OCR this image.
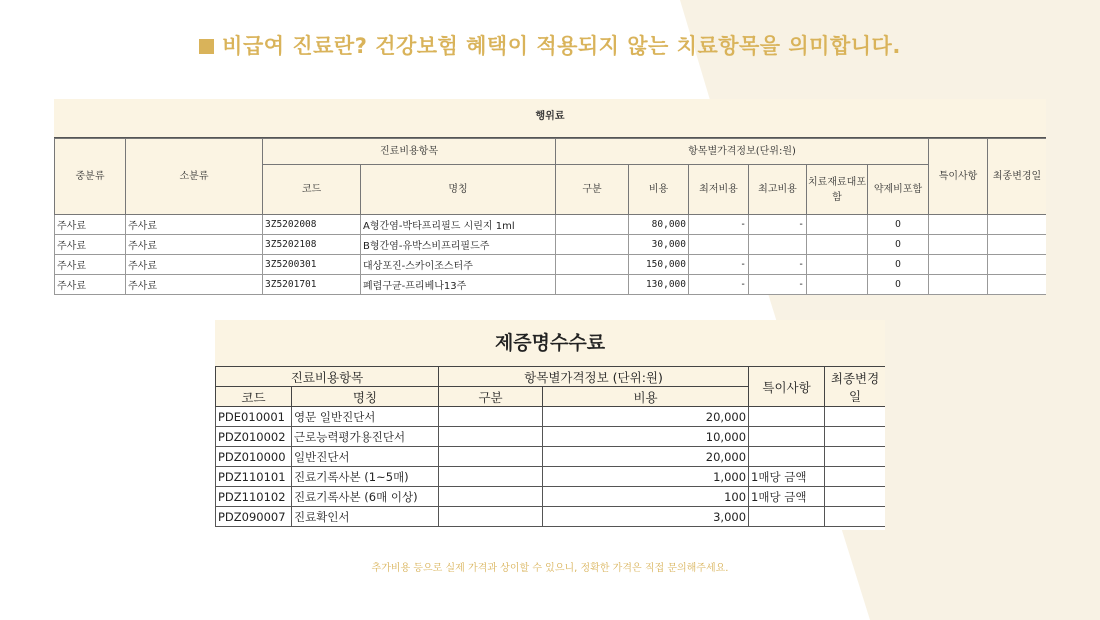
비급여 진료란? 건강보험 혜택이 적용되지 않는 치료항목을 의미합니다.
행위료
중분류	소분류	진료비용항목		항목별가격정보(단위:원)						특이사항	최종변경일
		코드	명칭	구분	비용	최저비용	최고비용	치료재료대포함	약제비포함		
주사료	주사료	3Z5202008	A형간염-박타프리필드 시린지 1ml		80,000	-	-		O		
주사료	주사료	3Z5202108	B형간염-유박스비프리필드주		30,000				O		
주사료	주사료	3Z5200301	대상포진-스카이조스터주		150,000	-	-		O		
주사료	주사료	3Z5201701	폐렴구균-프리베나13주		130,000	-	-		O		
제증명수수료
진료비용항목		항목별가격정보 (단위:원)		특이사항	최종변경일
코드	명칭	구분	비용		
PDE010001	영문 일반진단서		20,000		
PDZ010002	근로능력평가용진단서		10,000		
PDZ010000	일반진단서		20,000		
PDZ110101	진료기록사본 (1~5매)		1,000	1매당 금액	
PDZ110102	진료기록사본 (6매 이상)		100	1매당 금액	
PDZ090007	진료확인서		3,000		
추가비용 등으로 실제 가격과 상이할 수 있으니, 정확한 가격은 직접 문의해주세요.
